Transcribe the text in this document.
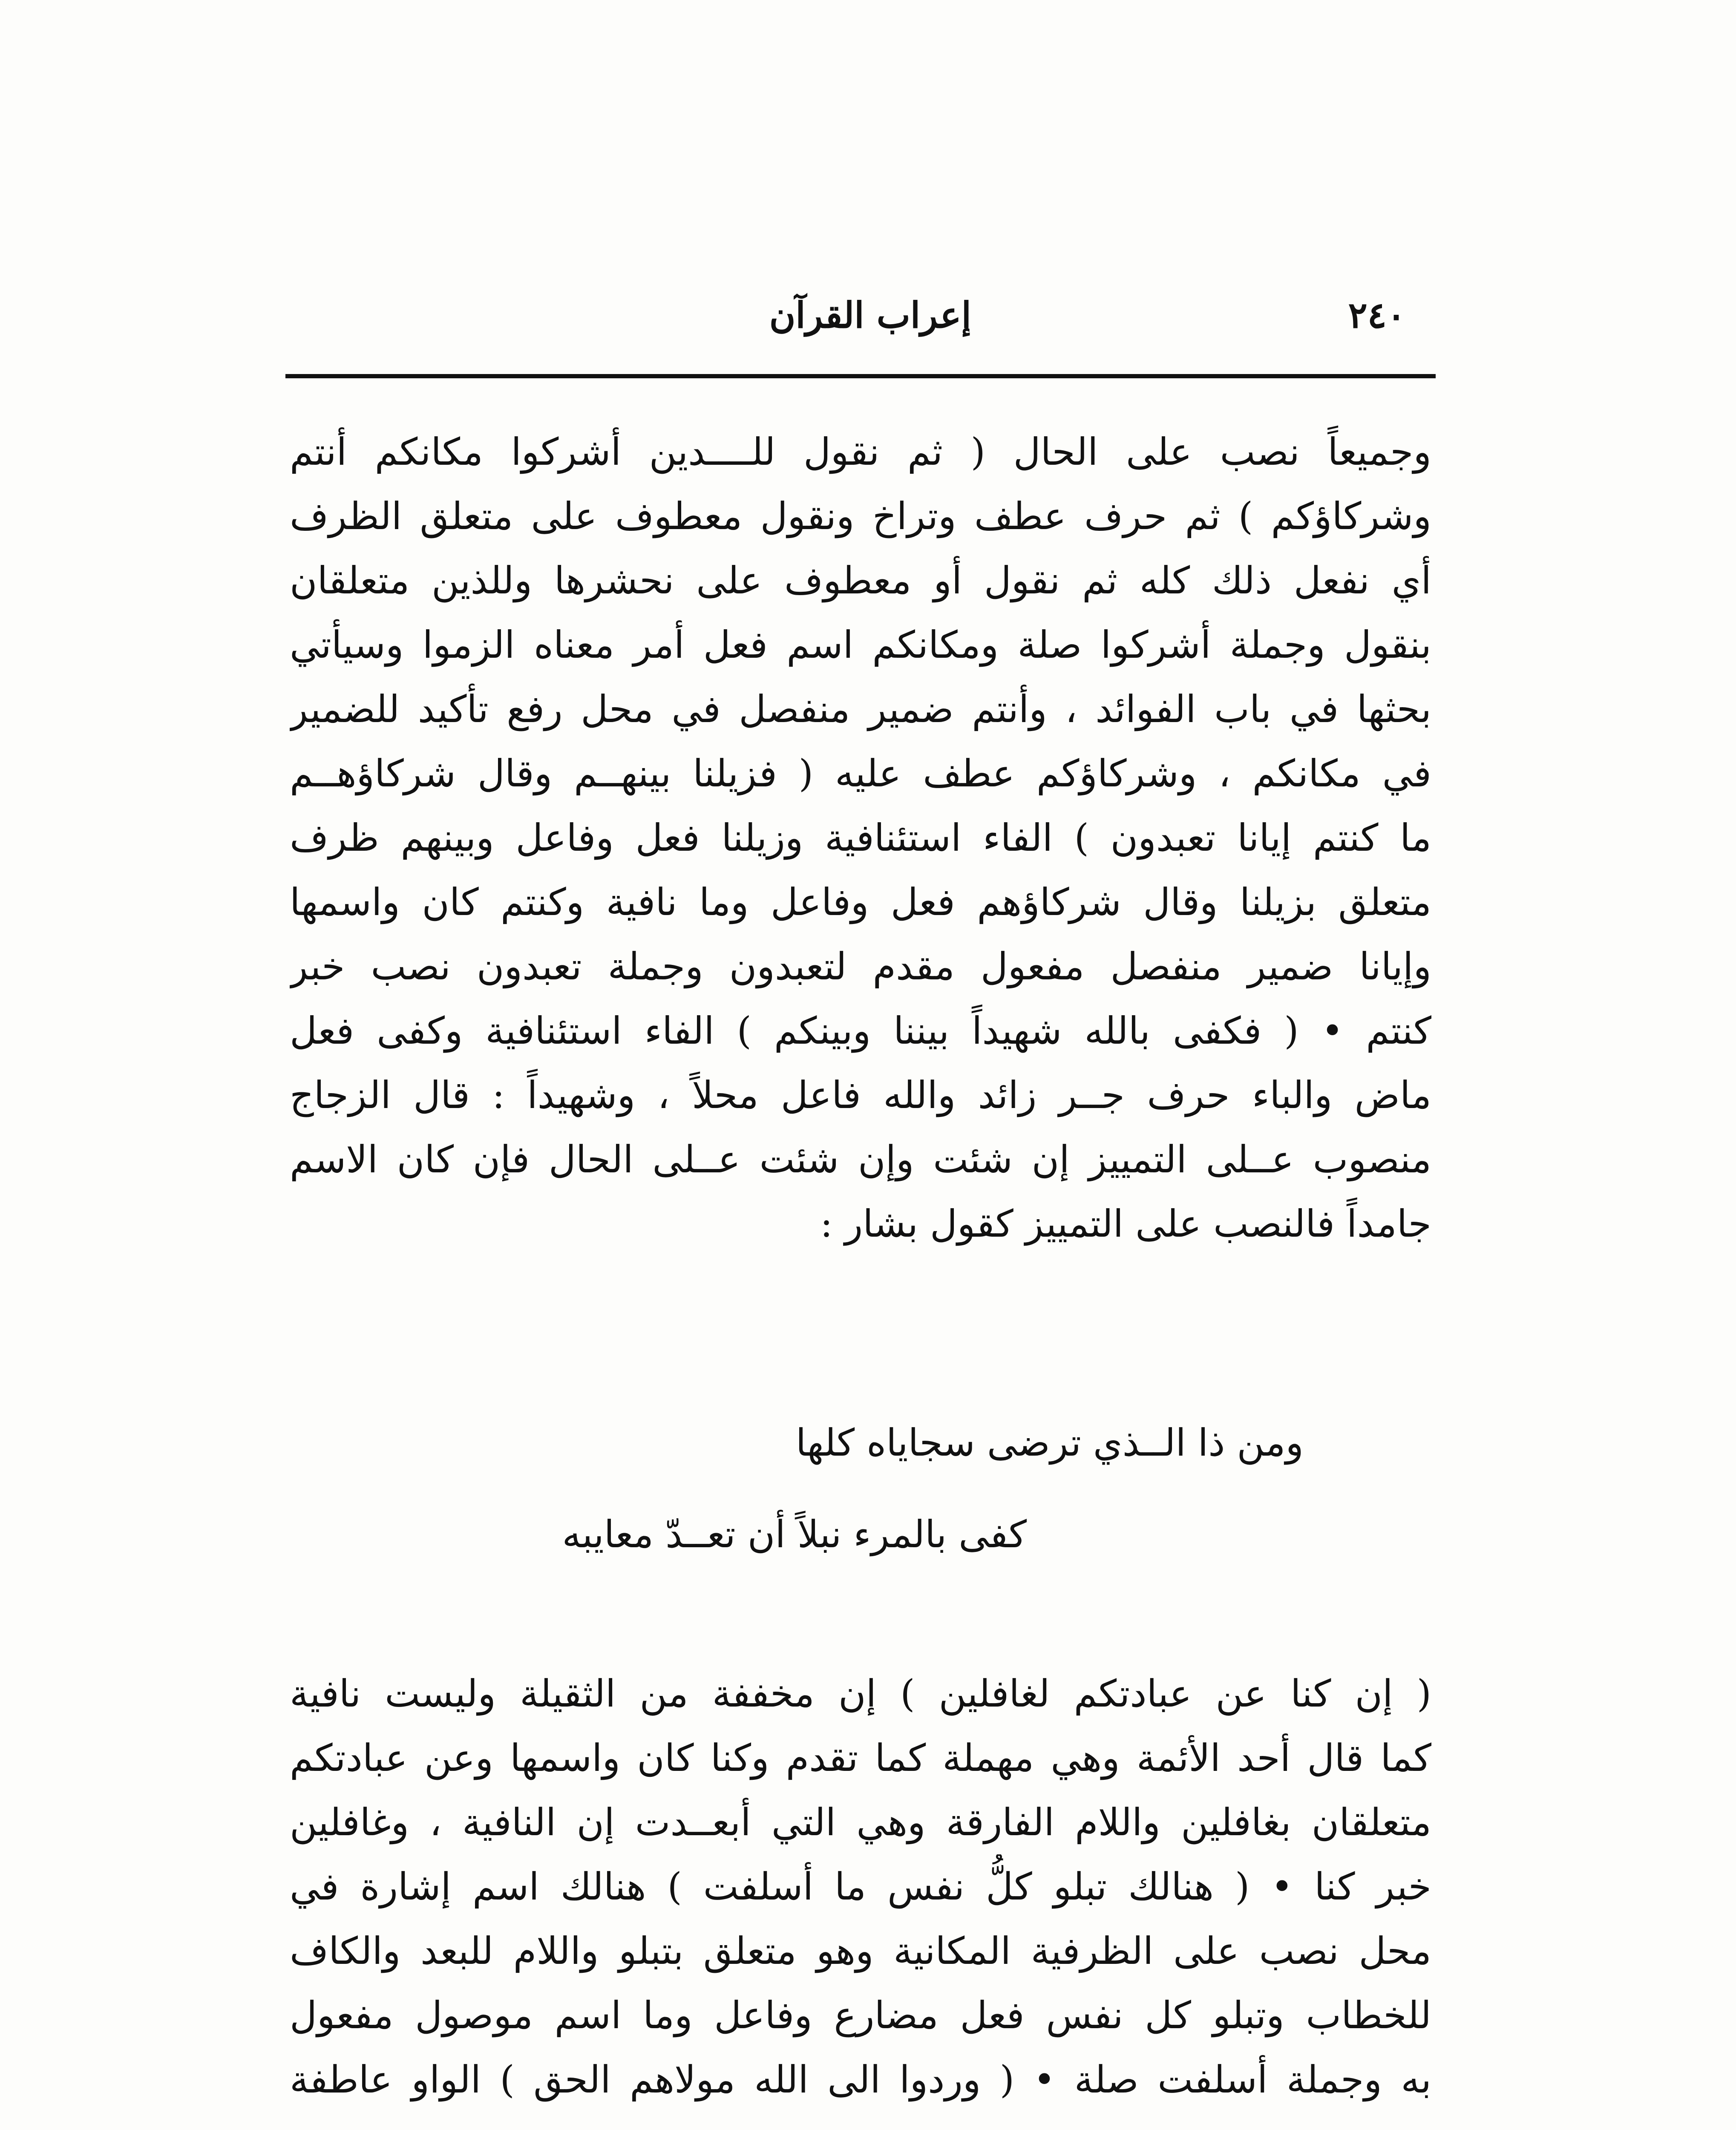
٢٤٠
إعراب القرآن
وجميعاً نصب على الحال ( ثم نقول للــــدين أشركوا مكانكم أنتم
وشركاؤكم ) ثم حرف عطف وتراخ ونقول معطوف على متعلق الظرف
أي نفعل ذلك كله ثم نقول أو معطوف على نحشرها وللذين متعلقان
بنقول وجملة أشركوا صلة ومكانكم اسم فعل أمر معناه الزموا وسيأتي
بحثها في باب الفوائد ، وأنتم ضمير منفصل في محل رفع تأكيد للضمير
في مكانكم ، وشركاؤكم عطف عليه ( فزيلنا بينهــم وقال شركاؤهــم
ما كنتم إيانا تعبدون ) الفاء استئنافية وزيلنا فعل وفاعل وبينهم ظرف
متعلق بزيلنا وقال شركاؤهم فعل وفاعل وما نافية وكنتم كان واسمها
وإيانا ضمير منفصل مفعول مقدم لتعبدون وجملة تعبدون نصب خبر
كنتم • ( فكفى بالله شهيداً بيننا وبينكم ) الفاء استئنافية وكفى فعل
ماض والباء حرف جــر زائد والله فاعل محلاً ، وشهيداً : قال الزجاج
منصوب عــلى التمييز إن شئت وإن شئت عــلى الحال فإن كان الاسم
جامداً فالنصب على التمييز كقول بشار :
ومن ذا الــذي ترضى سجاياه كلها
كفى بالمرء نبلاً أن تعــدّ معايبه
( إن كنا عن عبادتكم لغافلين ) إن مخففة من الثقيلة وليست نافية
كما قال أحد الأئمة وهي مهملة كما تقدم وكنا كان واسمها وعن عبادتكم
متعلقان بغافلين واللام الفارقة وهي التي أبعــدت إن النافية ، وغافلين
خبر كنا • ( هنالك تبلو كلُّ نفس ما أسلفت ) هنالك اسم إشارة في
محل نصب على الظرفية المكانية وهو متعلق بتبلو واللام للبعد والكاف
للخطاب وتبلو كل نفس فعل مضارع وفاعل وما اسم موصول مفعول
به وجملة أسلفت صلة • ( وردوا الى الله مولاهم الحق ) الواو عاطفة
